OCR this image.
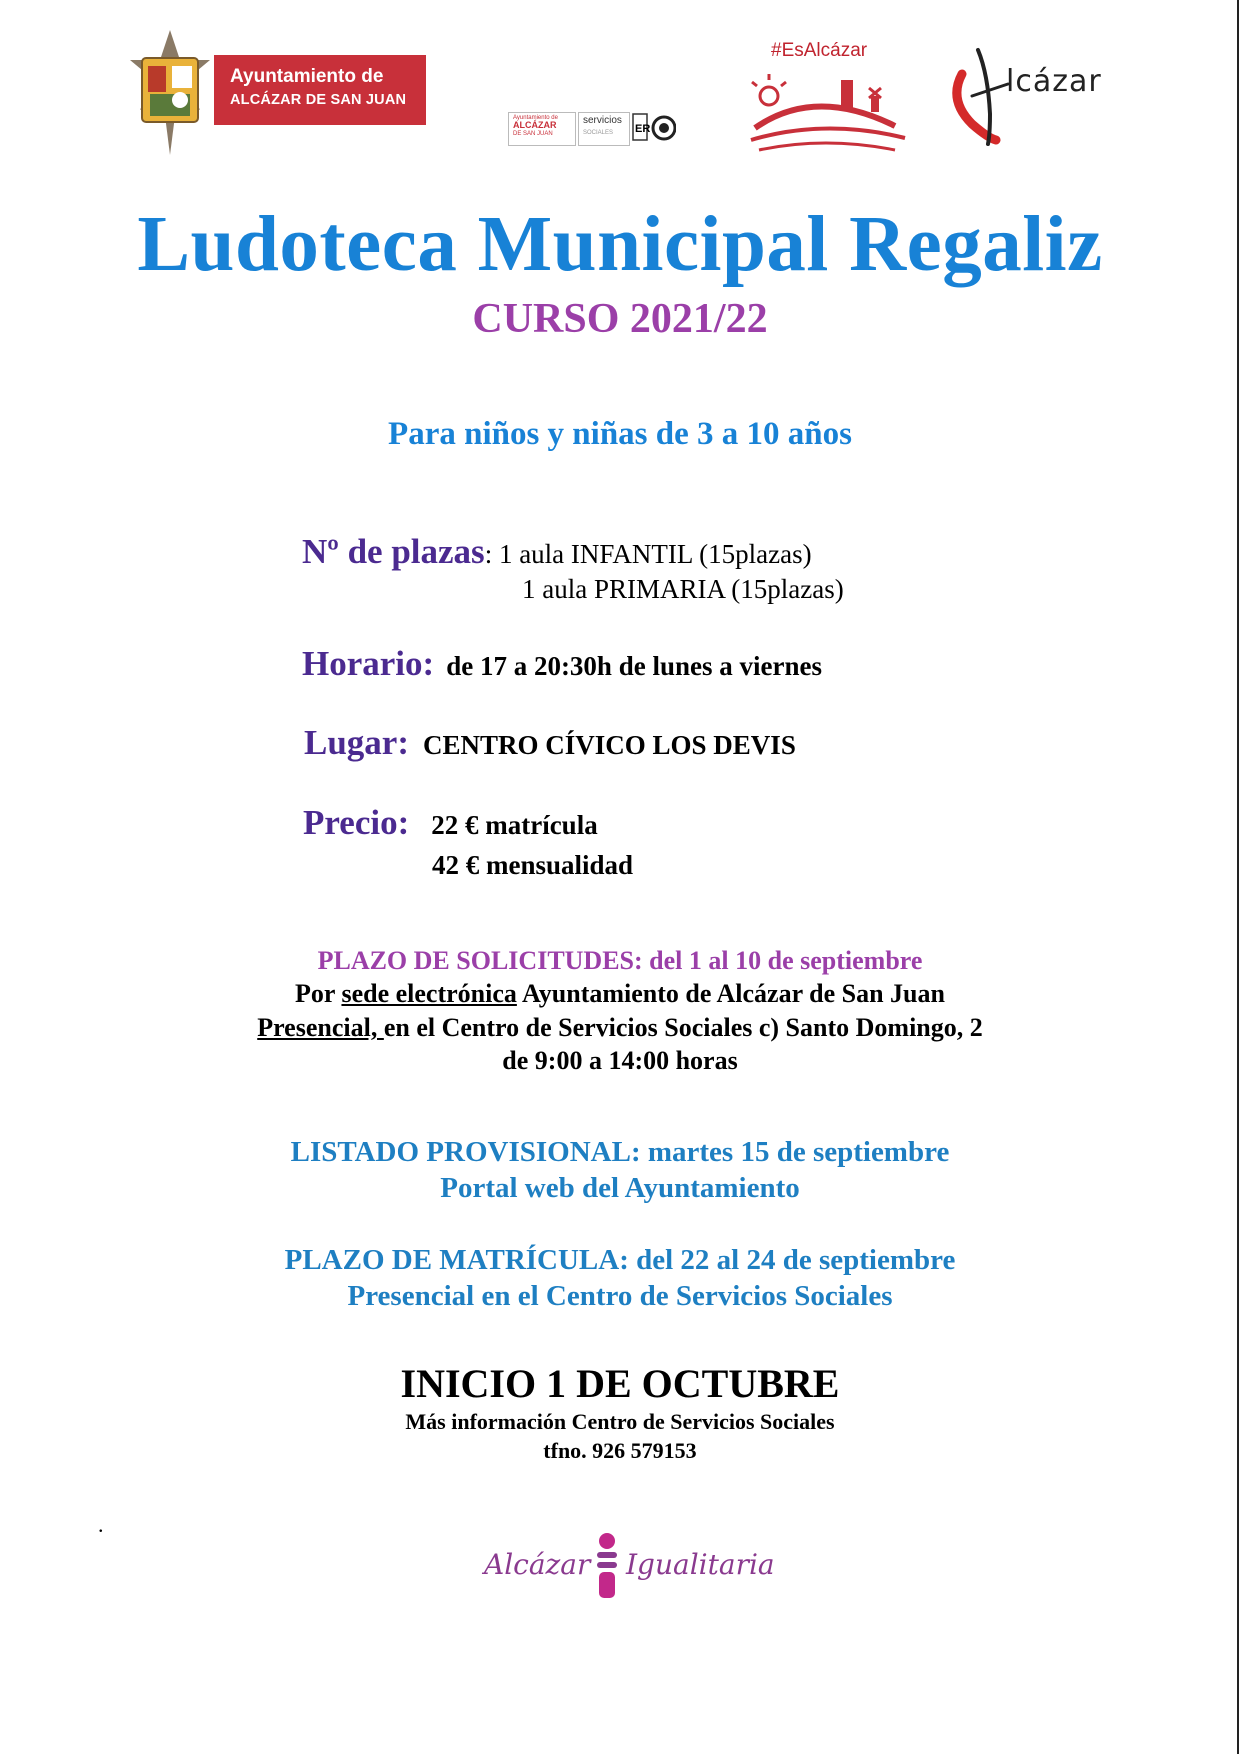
Ayuntamiento de
ALCÁZAR DE SAN JUAN
Ayuntamiento de
ALCÁZAR
DE SAN JUAN
servicios
SOCIALES	ER
#EsAlcázar
lcázar
Ludoteca Municipal Regaliz
CURSO 2021/22
Para niños y niñas de 3 a 10 años
Nº de plazas: 1 aula INFANTIL (15plazas)
1 aula PRIMARIA (15plazas)
Horario: de 17 a 20:30h de lunes a viernes
Lugar: CENTRO CÍVICO LOS DEVIS
Precio: 22 € matrícula
42 € mensualidad
PLAZO DE SOLICITUDES: del 1 al 10 de septiembre
Por sede electrónica Ayuntamiento de Alcázar de San Juan
Presencial, en el Centro de Servicios Sociales c) Santo Domingo, 2
de 9:00 a 14:00 horas
LISTADO PROVISIONAL: martes 15 de septiembre
Portal web del Ayuntamiento
PLAZO DE MATRÍCULA: del 22 al 24 de septiembre
Presencial en el Centro de Servicios Sociales
INICIO 1 DE OCTUBRE
Más información Centro de Servicios Sociales
tfno. 926 579153
.
Alcázar Igualitaria
